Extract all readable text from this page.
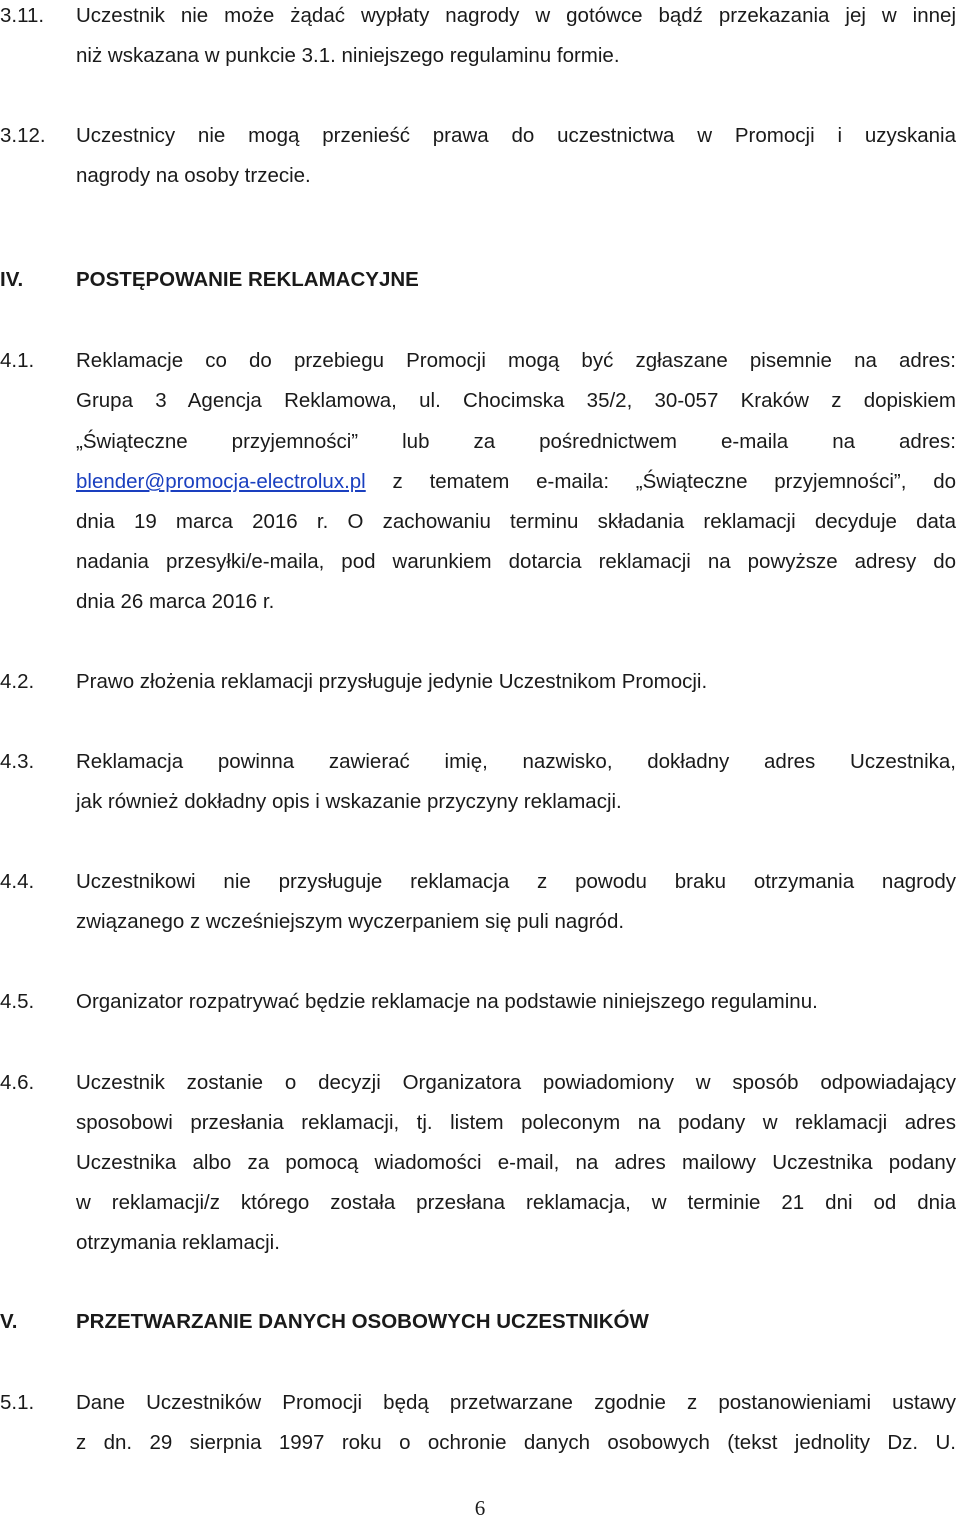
3.11. Uczestnik nie może żądać wypłaty nagrody w gotówce bądź przekazania jej w innej
niż wskazana w punkcie 3.1. niniejszego regulaminu formie.
3.12. Uczestnicy nie mogą przenieść prawa do uczestnictwa w Promocji i uzyskania
nagrody na osoby trzecie.
IV.	POSTĘPOWANIE REKLAMACYJNE
4.1. Reklamacje co do przebiegu Promocji mogą być zgłaszane pisemnie na adres:
Grupa 3 Agencja Reklamowa, ul. Chocimska 35/2, 30-057 Kraków z dopiskiem
„Świąteczne przyjemności” lub za pośrednictwem e-maila na adres:
blender@promocja-electrolux.pl z tematem e-maila: „Świąteczne przyjemności”, do
dnia 19 marca 2016 r. O zachowaniu terminu składania reklamacji decyduje data
nadania przesyłki/e-maila, pod warunkiem dotarcia reklamacji na powyższe adresy do
dnia 26 marca 2016 r.
4.2. Prawo złożenia reklamacji przysługuje jedynie Uczestnikom Promocji.
4.3. Reklamacja powinna zawierać imię, nazwisko, dokładny adres Uczestnika,
jak również dokładny opis i wskazanie przyczyny reklamacji.
4.4. Uczestnikowi nie przysługuje reklamacja z powodu braku otrzymania nagrody
związanego z wcześniejszym wyczerpaniem się puli nagród.
4.5. Organizator rozpatrywać będzie reklamacje na podstawie niniejszego regulaminu.
4.6. Uczestnik zostanie o decyzji Organizatora powiadomiony w sposób odpowiadający
sposobowi przesłania reklamacji, tj. listem poleconym na podany w reklamacji adres
Uczestnika albo za pomocą wiadomości e-mail, na adres mailowy Uczestnika podany
w reklamacji/z którego została przesłana reklamacja, w terminie 21 dni od dnia
otrzymania reklamacji.
V.	PRZETWARZANIE DANYCH OSOBOWYCH UCZESTNIKÓW
5.1. Dane Uczestników Promocji będą przetwarzane zgodnie z postanowieniami ustawy
z dn. 29 sierpnia 1997 roku o ochronie danych osobowych (tekst jednolity Dz. U.
6
